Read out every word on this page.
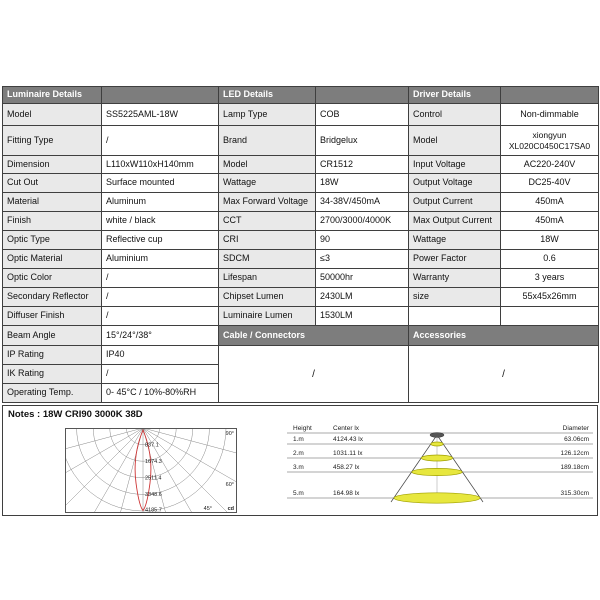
Luminaire Details
Model	SS5225AML-18W
Fitting Type	/
Dimension	L110xW110xH140mm
Cut Out	Surface mounted
Material	Aluminum
Finish	white / black
Optic Type	Reflective cup
Optic Material	Aluminium
Optic Color	/
Secondary Reflector	/
Diffuser Finish	/
Beam Angle	15°/24°/38°
IP Rating	IP40
IK Rating	/
Operating Temp.	0- 45°C / 10%-80%RH
LED Details
Lamp Type	COB
Brand	Bridgelux
Model	CR1512
Wattage	18W
Max Forward Voltage	34-38V/450mA
CCT	2700/3000/4000K
CRI	90
SDCM	≤3
Lifespan	50000hr
Chipset Lumen	2430LM
Luminaire Lumen	1530LM
Cable / Connectors
/
Driver Details
Control	Non-dimmable
Model	xiongyun
XL020C0450C17SA0
Input Voltage	AC220-240V
Output Voltage	DC25-40V
Output Current	450mA
Max Output Current	450mA
Wattage	18W
Power Factor	0.6
Warranty	3 years
size	55x45x26mm
Accessories
/
Notes : 18W CRI90 3000K 38D
837.1
1674.3
2511.4
3348.6
4185.7
90°
60°
45°	cd
Height	Center lx	Diameter
1.m	4124.43 lx	63.06cm
2.m	1031.11 lx	126.12cm
3.m	458.27 lx	189.18cm
5.m	164.98 lx	315.30cm
